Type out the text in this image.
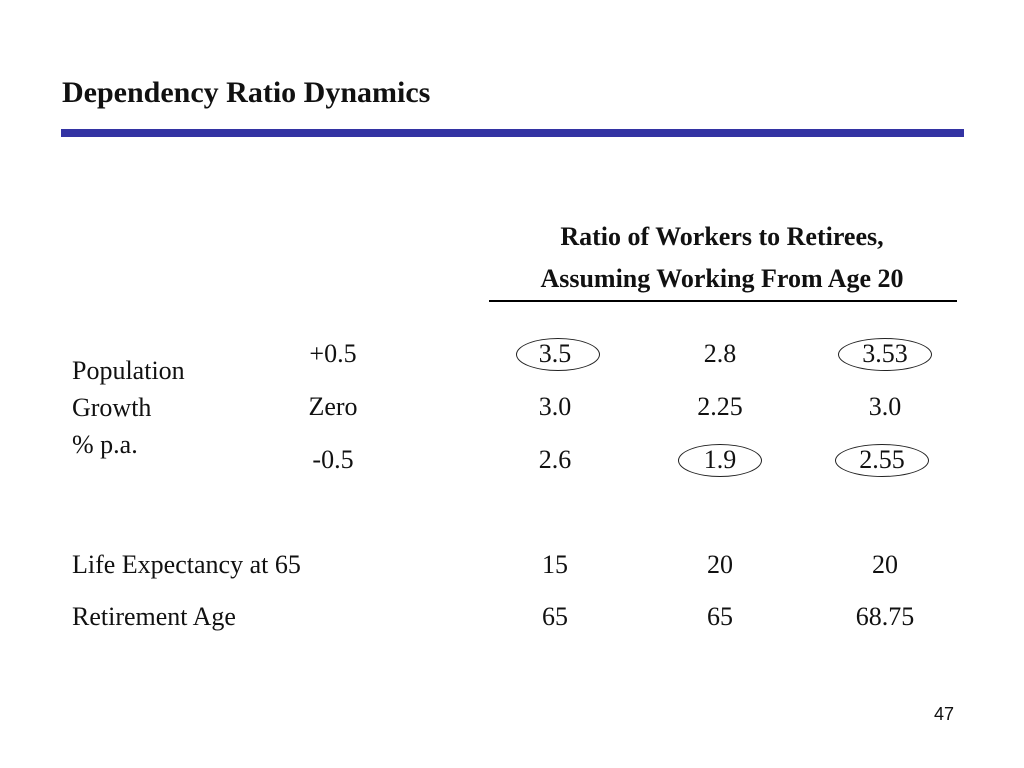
Dependency Ratio Dynamics
Ratio of Workers to Retirees,
Assuming Working From Age 20
Population
Growth
% p.a.
+0.5	3.5	2.8	3.53
Zero	3.0	2.25	3.0
-0.5	2.6	1.9	2.55
Life Expectancy at 65	15	20	20
Retirement Age	65	65	68.75
47
